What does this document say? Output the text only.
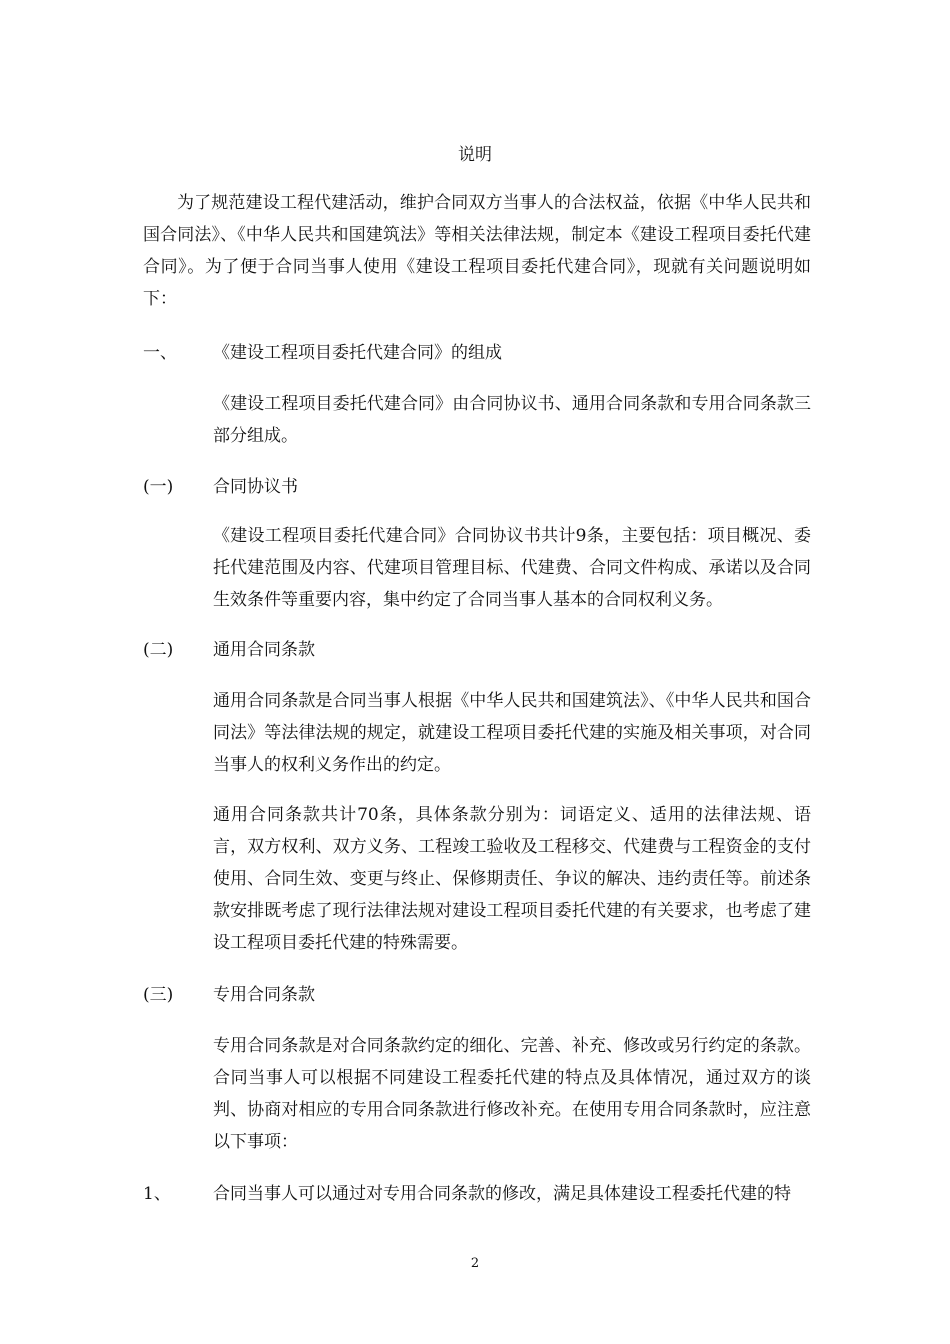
说明

为了规范建设工程代建活动，维护合同双方当事人的合法权益，依据《中华人民共和国合同法》、《中华人民共和国建筑法》等相关法律法规，制定本《建设工程项目委托代建合同》。为了便于合同当事人使用《建设工程项目委托代建合同》，现就有关问题说明如下：

一、 《建设工程项目委托代建合同》的组成

《建设工程项目委托代建合同》由合同协议书、通用合同条款和专用合同条款三部分组成。

(一) 合同协议书

《建设工程项目委托代建合同》合同协议书共计9条，主要包括：项目概况、委托代建范围及内容、代建项目管理目标、代建费、合同文件构成、承诺以及合同生效条件等重要内容，集中约定了合同当事人基本的合同权利义务。

(二) 通用合同条款

通用合同条款是合同当事人根据《中华人民共和国建筑法》、《中华人民共和国合同法》等法律法规的规定，就建设工程项目委托代建的实施及相关事项，对合同当事人的权利义务作出的约定。

通用合同条款共计70条，具体条款分别为：词语定义、适用的法律法规、语言，双方权利、双方义务、工程竣工验收及工程移交、代建费与工程资金的支付使用、合同生效、变更与终止、保修期责任、争议的解决、违约责任等。前述条款安排既考虑了现行法律法规对建设工程项目委托代建的有关要求，也考虑了建设工程项目委托代建的特殊需要。

(三) 专用合同条款

专用合同条款是对合同条款约定的细化、完善、补充、修改或另行约定的条款。合同当事人可以根据不同建设工程委托代建的特点及具体情况，通过双方的谈判、协商对相应的专用合同条款进行修改补充。在使用专用合同条款时，应注意以下事项：

1、 合同当事人可以通过对专用合同条款的修改，满足具体建设工程委托代建的特
2
